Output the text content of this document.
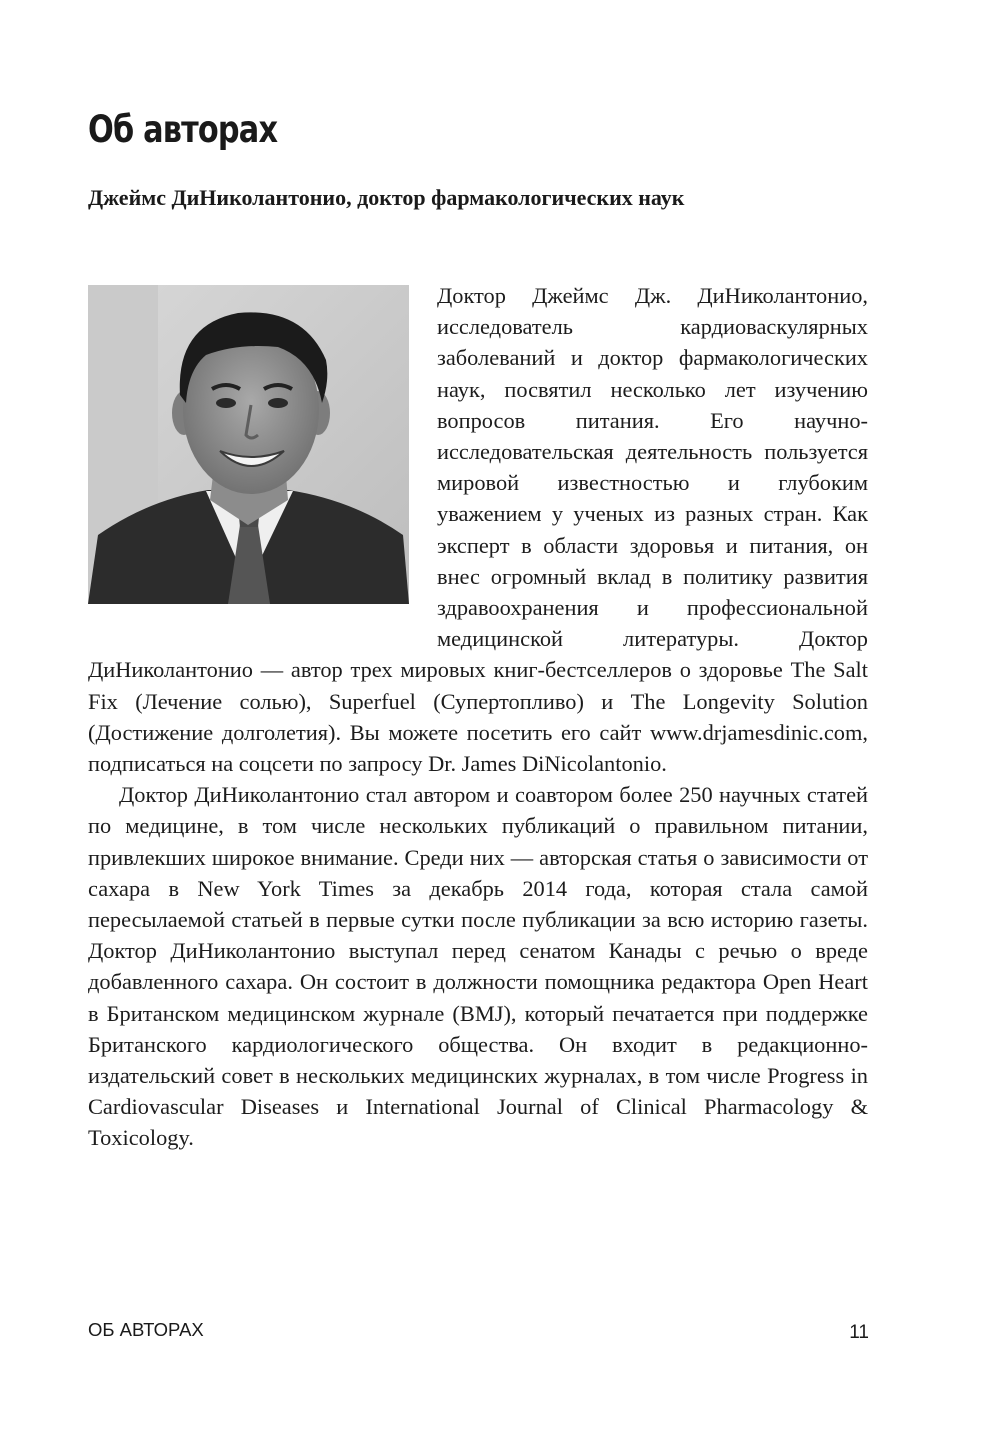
Об авторах
Джеймс ДиНиколантонио, доктор фармакологических наук

Доктор Джеймс Дж. ДиНиколантонио, исследователь кардиоваскулярных заболеваний и доктор фармакологических наук, посвятил несколько лет изучению вопросов питания. Его научно-исследовательская деятельность пользуется мировой известностью и глубоким уважением у ученых из разных стран. Как эксперт в области здоровья и питания, он внес огромный вклад в политику развития здравоохранения и профессиональной медицинской литературы. Доктор ДиНиколантонио — автор трех мировых книг-бестселлеров о здоровье The Salt Fix (Лечение солью), Superfuel (Супертопливо) и The Longevity Solution (Достижение долголетия). Вы можете посетить его сайт www.drjamesdinic.com, подписаться на соцсети по запросу Dr. James DiNicolantonio.

Доктор ДиНиколантонио стал автором и соавтором более 250 научных статей по медицине, в том числе нескольких публикаций о правильном питании, привлекших широкое внимание. Среди них — авторская статья о зависимости от сахара в New York Times за декабрь 2014 года, которая стала самой пересылаемой статьей в первые сутки после публикации за всю историю газеты. Доктор ДиНиколантонио выступал перед сенатом Канады с речью о вреде добавленного сахара. Он состоит в должности помощника редактора Open Heart в Британском медицинском журнале (BMJ), который печатается при поддержке Британского кардиологического общества. Он входит в редакционно-издательский совет в нескольких медицинских журналах, в том числе Progress in Cardiovascular Diseases и International Journal of Clinical Pharmacology & Toxicology.

ОБ АВТОРАХ	11
